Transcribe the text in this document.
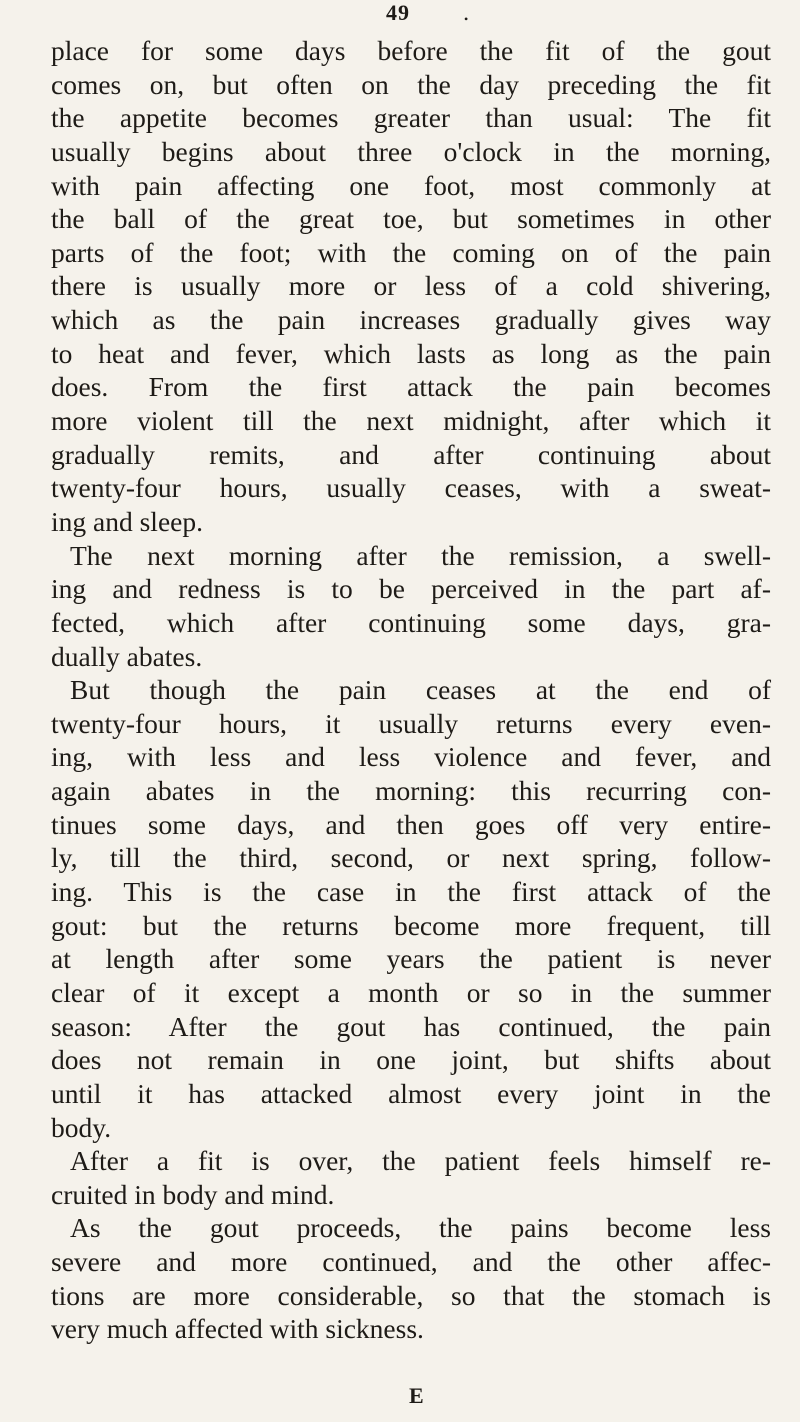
49	•
place for some days before the fit of the gout
comes on, but often on the day preceding the fit
the appetite becomes greater than usual: The fit
usually begins about three o'clock in the morning,
with pain affecting one foot, most commonly at
the ball of the great toe, but sometimes in other
parts of the foot; with the coming on of the pain
there is usually more or less of a cold shivering,
which as the pain increases gradually gives way
to heat and fever, which lasts as long as the pain
does. From the first attack the pain becomes
more violent till the next midnight, after which it
gradually remits, and after continuing about
twenty-four hours, usually ceases, with a sweat-
ing and sleep.
The next morning after the remission, a swell-
ing and redness is to be perceived in the part af-
fected, which after continuing some days, gra-
dually abates.
But though the pain ceases at the end of
twenty-four hours, it usually returns every even-
ing, with less and less violence and fever, and
again abates in the morning: this recurring con-
tinues some days, and then goes off very entire-
ly, till the third, second, or next spring, follow-
ing. This is the case in the first attack of the
gout: but the returns become more frequent, till
at length after some years the patient is never
clear of it except a month or so in the summer
season: After the gout has continued, the pain
does not remain in one joint, but shifts about
until it has attacked almost every joint in the
body.
After a fit is over, the patient feels himself re-
cruited in body and mind.
As the gout proceeds, the pains become less
severe and more continued, and the other affec-
tions are more considerable, so that the stomach is
very much affected with sickness.
E
